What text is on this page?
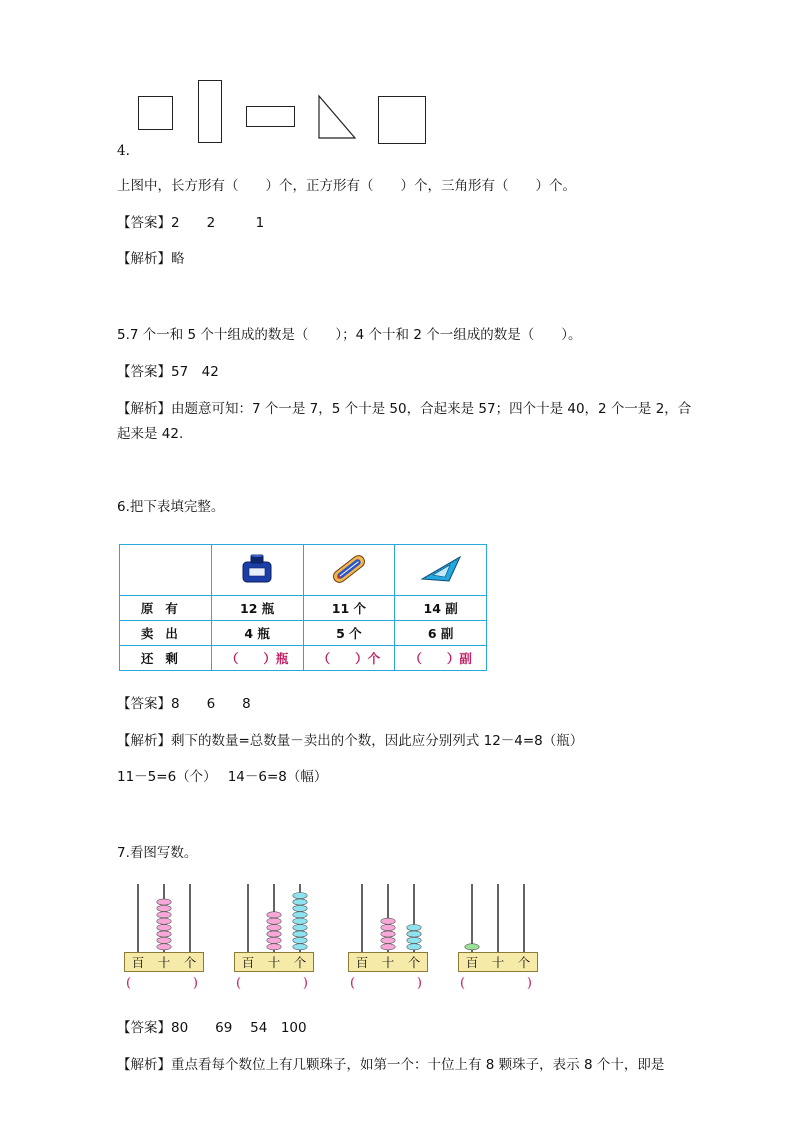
4.
上图中，长方形有（　　）个，正方形有（　　）个，三角形有（　　）个。
【答案】2　　2　　　1
【解析】略
5.7 个一和 5 个十组成的数是（　　）；4 个十和 2 个一组成的数是（　　）。
【答案】57　42
【解析】由题意可知：7 个一是 7，5 个十是 50，合起来是 57；四个十是 40，2 个一是 2，合
起来是 42.
6.把下表填完整。

原有	12 瓶	11 个	14 副
卖出	4 瓶	5 个	6 副
还剩	（　　）瓶	（　　）个	（　　）副
【答案】8　　6　　8
【解析】剩下的数量=总数量－卖出的个数，因此应分别列式 12－4=8（瓶）
11－5=6（个）　 14－6=8（幅）
7.看图写数。
百 十 个
(	)
百 十 个
(	)
百 十 个
(	)
百 十 个
(	)
【答案】80　　69　 54　100
【解析】重点看每个数位上有几颗珠子，如第一个：十位上有 8 颗珠子，表示 8 个十，即是
